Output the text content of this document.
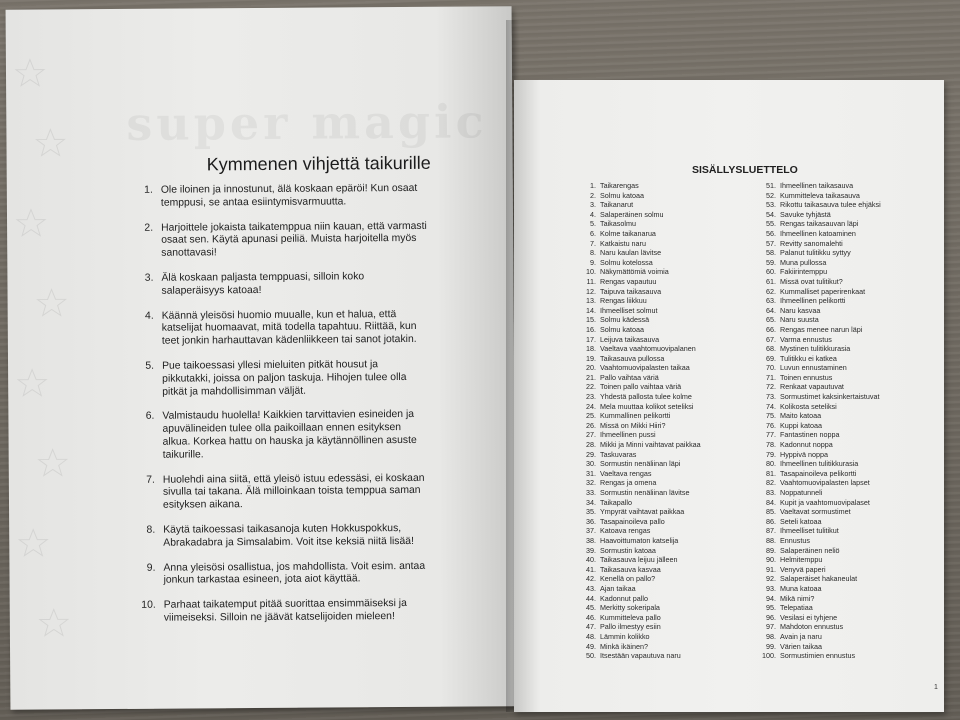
super magic
Kymmenen vihjettä taikurille
1. Ole iloinen ja innostunut, älä koskaan epäröi! Kun osaat temppusi, se antaa esiintymisvarmuutta.
2. Harjoittele jokaista taikatemppua niin kauan, että varmasti osaat sen. Käytä apunasi peiliä. Muista harjoitella myös sanottavasi!
3. Älä koskaan paljasta temppuasi, silloin koko salaperäisyys katoaa!
4. Käännä yleisösi huomio muualle, kun et halua, että katselijat huomaavat, mitä todella tapahtuu. Riittää, kun teet jonkin harhauttavan kädenliikkeen tai sanot jotakin.
5. Pue taikoessasi yllesi mieluiten pitkät housut ja pikkutakki, joissa on paljon taskuja. Hihojen tulee olla pitkät ja mahdollisimman väljät.
6. Valmistaudu huolella! Kaikkien tarvittavien esineiden ja apuvälineiden tulee olla paikoillaan ennen esityksen alkua. Korkea hattu on hauska ja käytännöllinen asuste taikurille.
7. Huolehdi aina siitä, että yleisö istuu edessäsi, ei koskaan sivulla tai takana. Älä milloinkaan toista temppua saman esityksen aikana.
8. Käytä taikoessasi taikasanoja kuten Hokkuspokkus, Abrakadabra ja Simsalabim. Voit itse keksiä niitä lisää!
9. Anna yleisösi osallistua, jos mahdollista. Voit esim. antaa jonkun tarkastaa esineen, jota aiot käyttää.
10. Parhaat taikatemput pitää suorittaa ensimmäiseksi ja viimeiseksi. Silloin ne jäävät katselijoiden mieleen!
SISÄLLYSLUETTELO
1. Taikarengas
2. Solmu katoaa
3. Taikanarut
4. Salaperäinen solmu
5. Taikasolmu
6. Kolme taikanarua
7. Katkaistu naru
8. Naru kaulan lävitse
9. Solmu kotelossa
10. Näkymättömiä voimia
11. Rengas vapautuu
12. Taipuva taikasauva
13. Rengas liikkuu
14. Ihmeelliset solmut
15. Solmu kädessä
16. Solmu katoaa
17. Leijuva taikasauva
18. Vaeltava vaahtomuovipalanen
19. Taikasauva pullossa
20. Vaahtomuovipalasten taikaa
21. Pallo vaihtaa väriä
22. Toinen pallo vaihtaa väriä
23. Yhdestä pallosta tulee kolme
24. Mela muuttaa kolikot seteliksi
25. Kummallinen pelikortti
26. Missä on Mikki Hiiri?
27. Ihmeellinen pussi
28. Mikki ja Minni vaihtavat paikkaa
29. Taskuvaras
30. Sormustin nenäliinan läpi
31. Vaeltava rengas
32. Rengas ja omena
33. Sormustin nenäliinan lävitse
34. Taikapallo
35. Ympyrät vaihtavat paikkaa
36. Tasapainoileva pallo
37. Katoava rengas
38. Haavoittumaton katselija
39. Sormustin katoaa
40. Taikasauva leijuu jälleen
41. Taikasauva kasvaa
42. Kenellä on pallo?
43. Ajan taikaa
44. Kadonnut pallo
45. Merkitty sokeripala
46. Kummitteleva pallo
47. Pallo ilmestyy esiin
48. Lämmin kolikko
49. Minkä ikäinen?
50. Itsestään vapautuva naru
51. Ihmeellinen taikasauva
52. Kummitteleva taikasauva
53. Rikottu taikasauva tulee ehjäksi
54. Savuke tyhjästä
55. Rengas taikasauvan läpi
56. Ihmeellinen katoaminen
57. Revitty sanomalehti
58. Palanut tulitikku syttyy
59. Muna pullossa
60. Fakiirintemppu
61. Missä ovat tulitikut?
62. Kummalliset paperirenkaat
63. Ihmeellinen pelikortti
64. Naru kasvaa
65. Naru suusta
66. Rengas menee narun läpi
67. Varma ennustus
68. Mystinen tulitikkurasia
69. Tulitikku ei katkea
70. Luvun ennustaminen
71. Toinen ennustus
72. Renkaat vapautuvat
73. Sormustimet kaksinkertaistuvat
74. Kolikosta seteliksi
75. Maito katoaa
76. Kuppi katoaa
77. Fantastinen noppa
78. Kadonnut noppa
79. Hyppivä noppa
80. Ihmeellinen tulitikkurasia
81. Tasapainoileva pelikortti
82. Vaahtomuovipalasten lapset
83. Noppatunneli
84. Kupit ja vaahtomuovipalaset
85. Vaeltavat sormustimet
86. Seteli katoaa
87. Ihmeelliset tulitikut
88. Ennustus
89. Salaperäinen neliö
90. Helmitemppu
91. Venyvä paperi
92. Salaperäiset hakaneulat
93. Muna katoaa
94. Mikä nimi?
95. Telepatiaa
96. Vesilasi ei tyhjene
97. Mahdoton ennustus
98. Avain ja naru
99. Värien taikaa
100. Sormustimien ennustus
1
